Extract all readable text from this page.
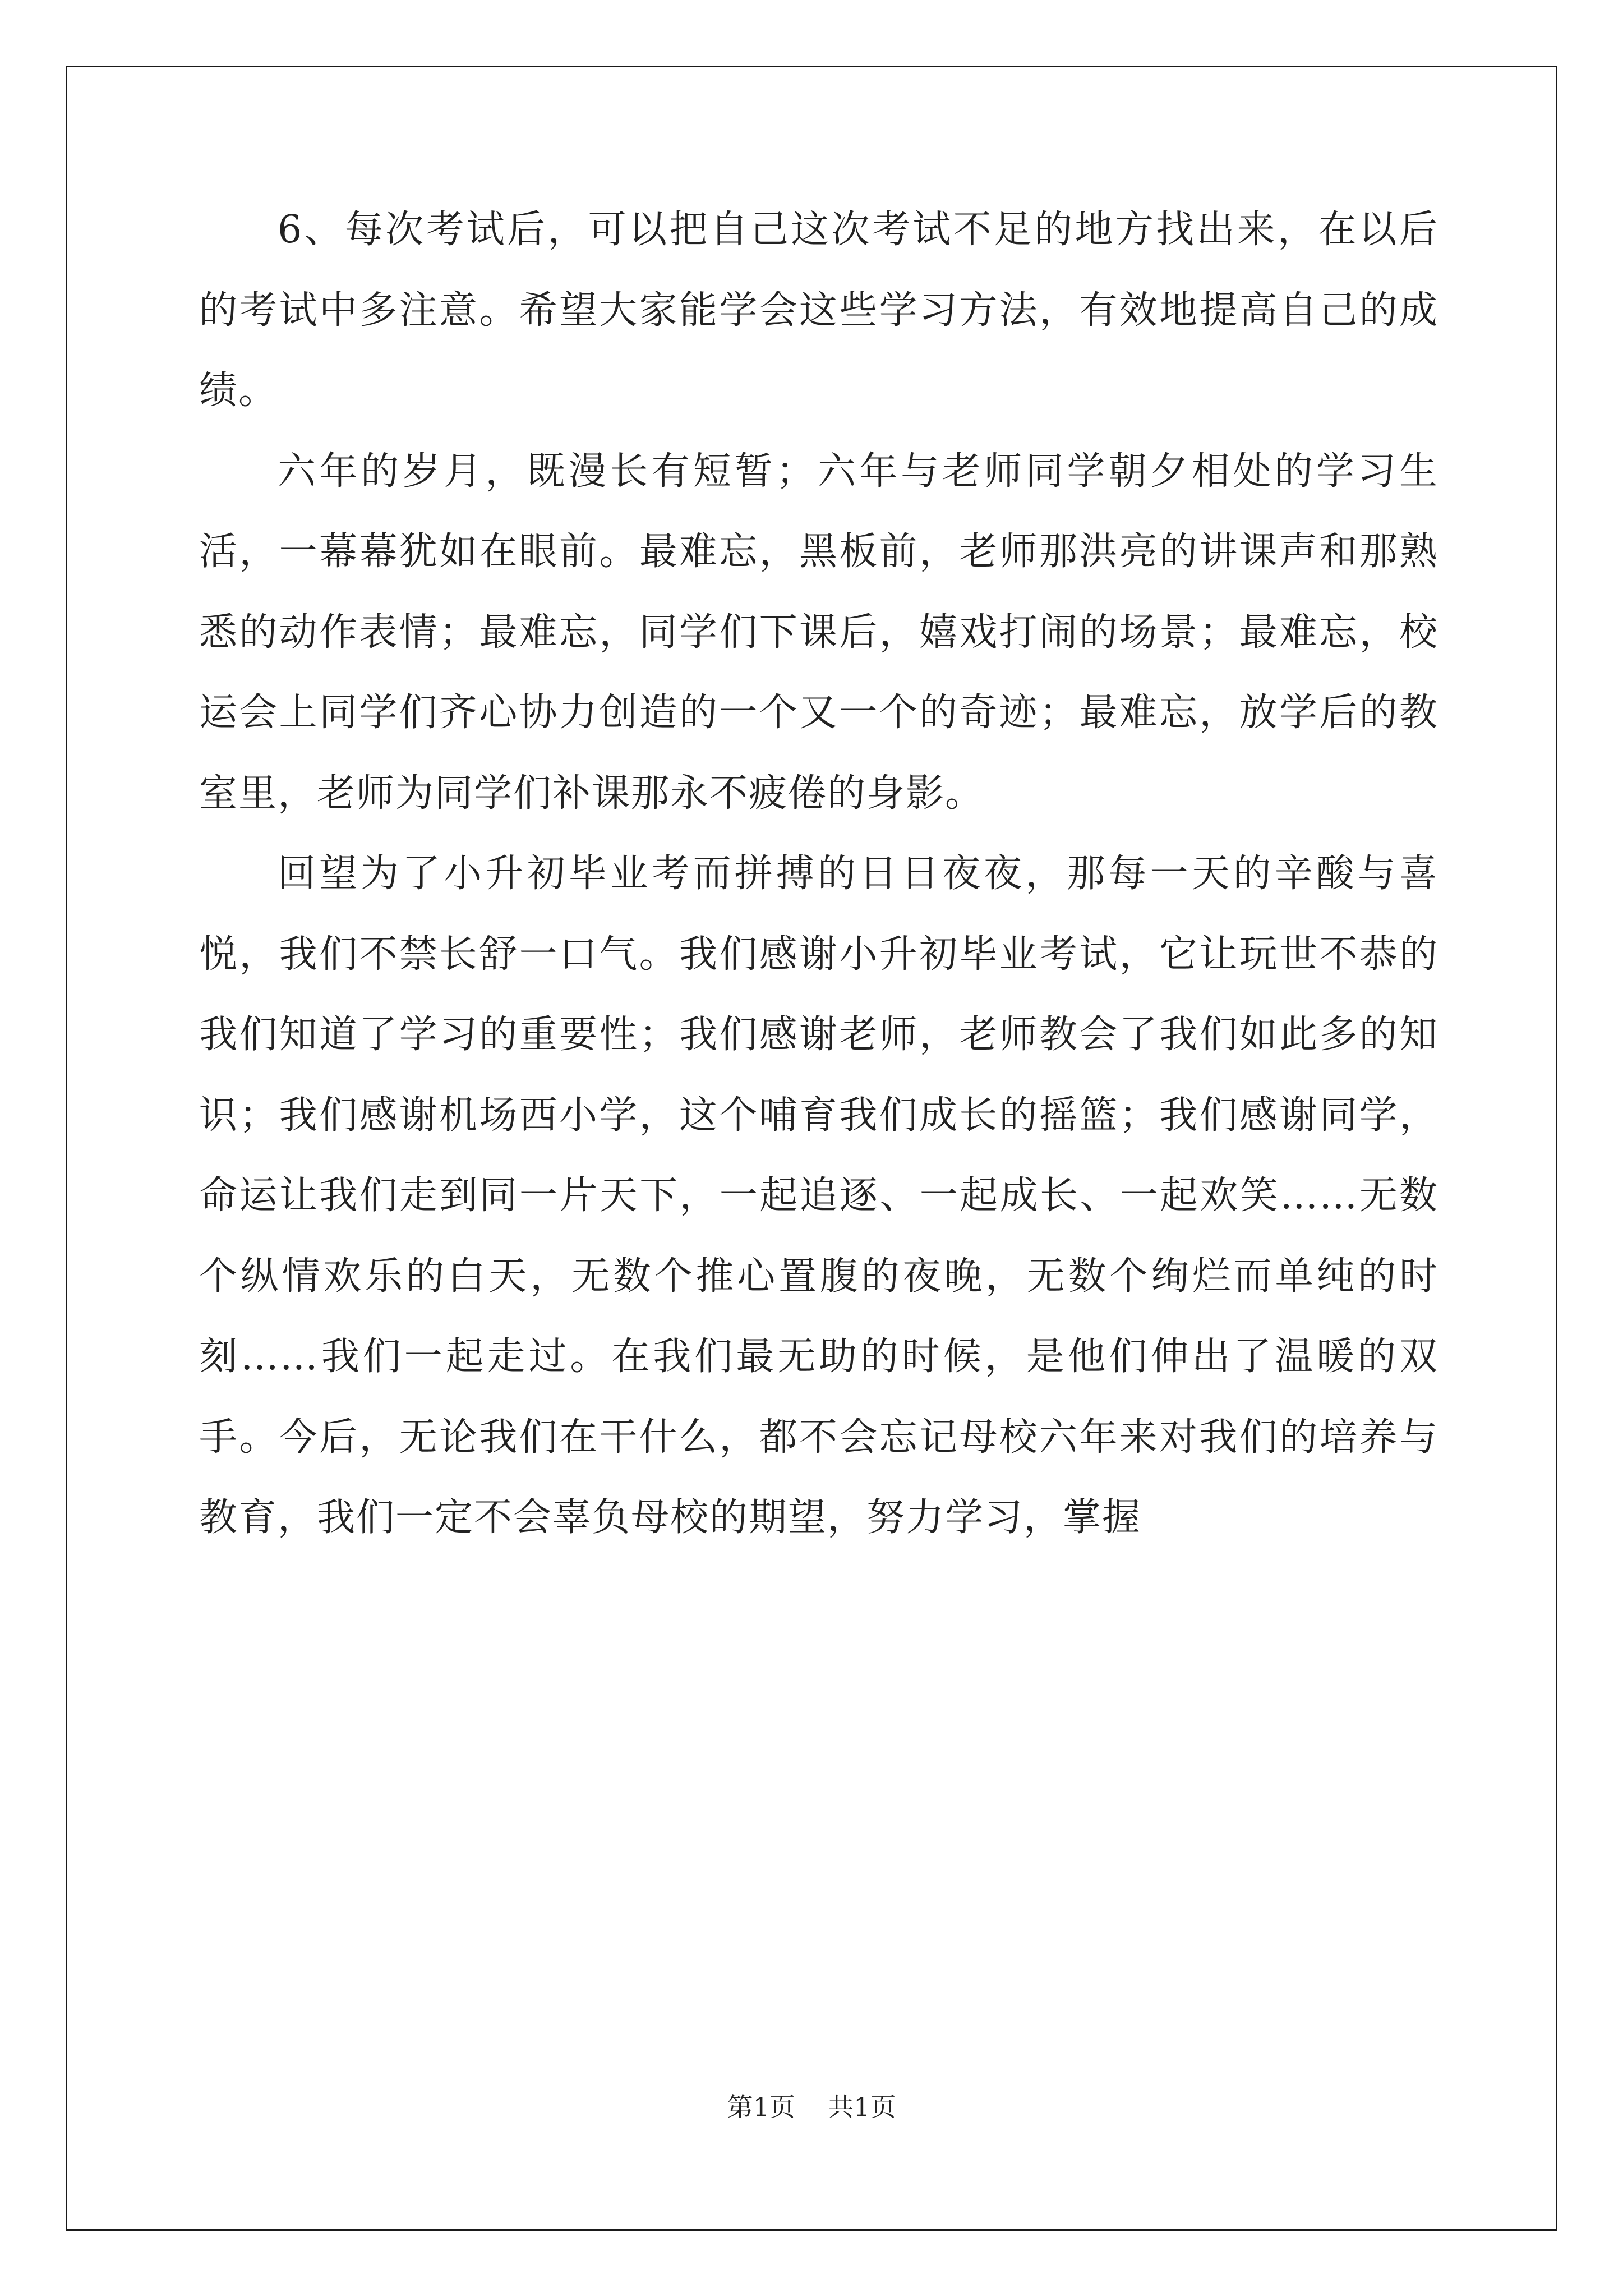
6、每次考试后，可以把自己这次考试不足的地方找出来，在以后的考试中多注意。希望大家能学会这些学习方法，有效地提高自己的成绩。

六年的岁月，既漫长有短暂；六年与老师同学朝夕相处的学习生活，一幕幕犹如在眼前。最难忘，黑板前，老师那洪亮的讲课声和那熟悉的动作表情；最难忘，同学们下课后，嬉戏打闹的场景；最难忘，校运会上同学们齐心协力创造的一个又一个的奇迹；最难忘，放学后的教室里，老师为同学们补课那永不疲倦的身影。

回望为了小升初毕业考而拼搏的日日夜夜，那每一天的辛酸与喜悦，我们不禁长舒一口气。我们感谢小升初毕业考试，它让玩世不恭的我们知道了学习的重要性；我们感谢老师，老师教会了我们如此多的知识；我们感谢机场西小学，这个哺育我们成长的摇篮；我们感谢同学，命运让我们走到同一片天下，一起追逐、一起成长、一起欢笑……无数个纵情欢乐的白天，无数个推心置腹的夜晚，无数个绚烂而单纯的时刻……我们一起走过。在我们最无助的时候，是他们伸出了温暖的双手。今后，无论我们在干什么，都不会忘记母校六年来对我们的培养与教育，我们一定不会辜负母校的期望，努力学习，掌握

第1页 共1页
